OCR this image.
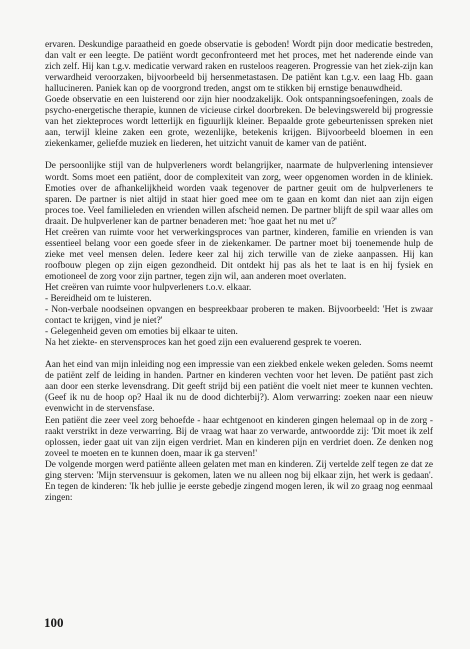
ervaren. Deskundige paraatheid en goede observatie is geboden! Wordt pijn door medicatie bestreden, dan valt er een leegte. De patiënt wordt geconfronteerd met het proces, met het naderende einde van zich zelf. Hij kan t.g.v. medicatie verward raken en rusteloos reageren. Progressie van het ziek-zijn kan verwardheid veroorzaken, bijvoorbeeld bij hersenmetastasen. De patiënt kan t.g.v. een laag Hb. gaan hallucineren. Paniek kan op de voorgrond treden, angst om te stikken bij ernstige benauwdheid.

Goede observatie en een luisterend oor zijn hier noodzakelijk. Ook ontspanningsoefeningen, zoals de psycho-energetische therapie, kunnen de vicieuse cirkel doorbreken. De belevingswereld bij progressie van het ziekteproces wordt letterlijk en figuurlijk kleiner. Bepaalde grote gebeurtenissen spreken niet aan, terwijl kleine zaken een grote, wezenlijke, betekenis krijgen. Bijvoorbeeld bloemen in een ziekenkamer, geliefde muziek en liederen, het uitzicht vanuit de kamer van de patiënt.

De persoonlijke stijl van de hulpverleners wordt belangrijker, naarmate de hulpverlening intensiever wordt. Soms moet een patiënt, door de complexiteit van zorg, weer opgenomen worden in de kliniek. Emoties over de afhankelijkheid worden vaak tegenover de partner geuit om de hulpverleners te sparen. De partner is niet altijd in staat hier goed mee om te gaan en komt dan niet aan zijn eigen proces toe. Veel familieleden en vrienden willen afscheid nemen. De partner blijft de spil waar alles om draait. De hulpverlener kan de partner benaderen met: 'hoe gaat het nu met u?'

Het creëren van ruimte voor het verwerkingsproces van partner, kinderen, familie en vrienden is van essentieel belang voor een goede sfeer in de ziekenkamer. De partner moet bij toenemende hulp de zieke met veel mensen delen. Iedere keer zal hij zich terwille van de zieke aanpassen. Hij kan roofbouw plegen op zijn eigen gezondheid. Dit ontdekt hij pas als het te laat is en hij fysiek en emotioneel de zorg voor zijn partner, tegen zijn wil, aan anderen moet overlaten.

Het creëren van ruimte voor hulpverleners t.o.v. elkaar.

- Bereidheid om te luisteren.

- Non-verbale noodseinen opvangen en bespreekbaar proberen te maken. Bijvoorbeeld: 'Het is zwaar contact te krijgen, vind je niet?'

- Gelegenheid geven om emoties bij elkaar te uiten.

Na het ziekte- en stervensproces kan het goed zijn een evaluerend gesprek te voeren.

Aan het eind van mijn inleiding nog een impressie van een ziekbed enkele weken geleden. Soms neemt de patiënt zelf de leiding in handen. Partner en kinderen vechten voor het leven. De patiënt past zich aan door een sterke levensdrang. Dit geeft strijd bij een patiënt die voelt niet meer te kunnen vechten. (Geef ik nu de hoop op? Haal ik nu de dood dichterbij?). Alom verwarring: zoeken naar een nieuw evenwicht in de stervensfase.

Een patiënt die zeer veel zorg behoefde - haar echtgenoot en kinderen gingen helemaal op in de zorg - raakt verstrikt in deze verwarring. Bij de vraag wat haar zo verwarde, antwoordde zij: 'Dit moet ik zelf oplossen, ieder gaat uit van zijn eigen verdriet. Man en kinderen pijn en verdriet doen. Ze denken nog zoveel te moeten en te kunnen doen, maar ik ga sterven!'

De volgende morgen werd patiënte alleen gelaten met man en kinderen. Zij vertelde zelf tegen ze dat ze ging sterven: 'Mijn stervensuur is gekomen, laten we nu alleen nog bij elkaar zijn, het werk is gedaan'. En tegen de kinderen: 'Ik heb jullie je eerste gebedje zingend mogen leren, ik wil zo graag nog eenmaal zingen:

100
